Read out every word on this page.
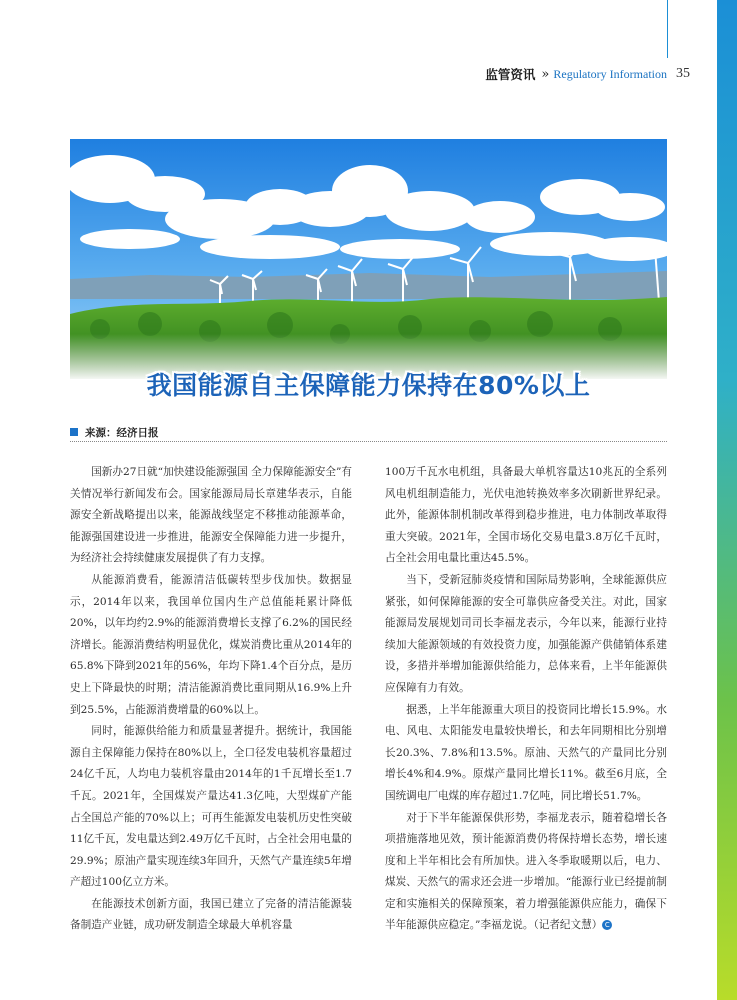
监管资讯 » Regulatory Information 35
我国能源自主保障能力保持在80%以上
来源：经济日报

国新办27日就“加快建设能源强国 全力保障能源安全”有关情况举行新闻发布会。国家能源局局长章建华表示，自能源安全新战略提出以来，能源战线坚定不移推动能源革命，能源强国建设进一步推进，能源安全保障能力进一步提升，为经济社会持续健康发展提供了有力支撑。

从能源消费看，能源清洁低碳转型步伐加快。数据显示，2014年以来，我国单位国内生产总值能耗累计降低20%，以年均约2.9%的能源消费增长支撑了6.2%的国民经济增长。能源消费结构明显优化，煤炭消费比重从2014年的65.8%下降到2021年的56%，年均下降1.4个百分点，是历史上下降最快的时期；清洁能源消费比重同期从16.9%上升到25.5%，占能源消费增量的60%以上。

同时，能源供给能力和质量显著提升。据统计，我国能源自主保障能力保持在80%以上，全口径发电装机容量超过24亿千瓦，人均电力装机容量由2014年的1千瓦增长至1.7千瓦。2021年，全国煤炭产量达41.3亿吨，大型煤矿产能占全国总产能的70%以上；可再生能源发电装机历史性突破11亿千瓦，发电量达到2.49万亿千瓦时，占全社会用电量的29.9%；原油产量实现连续3年回升，天然气产量连续5年增产超过100亿立方米。

在能源技术创新方面，我国已建立了完备的清洁能源装备制造产业链，成功研发制造全球最大单机容量

100万千瓦水电机组，具备最大单机容量达10兆瓦的全系列风电机组制造能力，光伏电池转换效率多次刷新世界纪录。此外，能源体制机制改革得到稳步推进，电力体制改革取得重大突破。2021年，全国市场化交易电量3.8万亿千瓦时，占全社会用电量比重达45.5%。

当下，受新冠肺炎疫情和国际局势影响，全球能源供应紧张，如何保障能源的安全可靠供应备受关注。对此，国家能源局发展规划司司长李福龙表示，今年以来，能源行业持续加大能源领域的有效投资力度，加强能源产供储销体系建设，多措并举增加能源供给能力，总体来看，上半年能源供应保障有力有效。

据悉，上半年能源重大项目的投资同比增长15.9%。水电、风电、太阳能发电量较快增长，和去年同期相比分别增长20.3%、7.8%和13.5%。原油、天然气的产量同比分别增长4%和4.9%。原煤产量同比增长11%。截至6月底，全国统调电厂电煤的库存超过1.7亿吨，同比增长51.7%。

对于下半年能源保供形势，李福龙表示，随着稳增长各项措施落地见效，预计能源消费仍将保持增长态势，增长速度和上半年相比会有所加快。进入冬季取暖期以后，电力、煤炭、天然气的需求还会进一步增加。“能源行业已经提前制定和实施相关的保障预案，着力增强能源供应能力，确保下半年能源供应稳定。”李福龙说。（记者纪文慧） C
